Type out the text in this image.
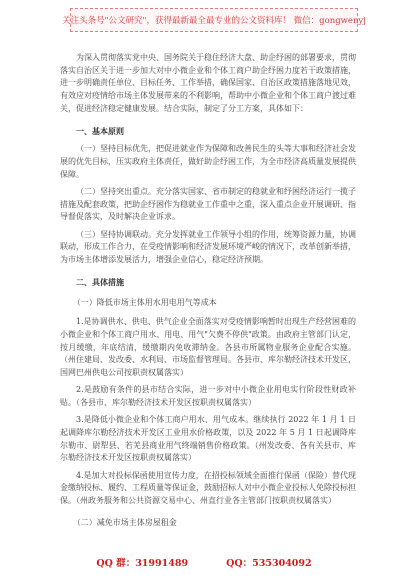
关注头条号"公文研究"，获得最新最全最专业的公文资料库！ 微信：gongwenyj

为深入贯彻落实党中央、国务院关于稳住经济大盘、助企纾困的部署要求，贯彻落实自治区关于进一步加大对中小微企业和个体工商户助企纾困力度若干政策措施，进一步明确责任单位、目标任务、工作举措，确保国家、自治区政策措施落地见效，有效应对疫情给市场主体发展带来的不利影响，帮助中小微企业和个体工商户渡过难关，促进经济稳定健康发展。结合实际，制定了分工方案，具体如下：

一、基本原则

（一）坚持目标优先，把促进就业作为保障和改善民生的头等大事和经济社会发展的优先目标，压实政府主体责任，做好助企纾困工作，为全市经济高质量发展提供保障。

（二）坚持突出重点。充分落实国家、省市制定的稳就业和纾困经济运行一揽子措施及配套政策，把助企纾困作为稳就业工作重中之重，深入重点企业开展调研、指导督促落实，及时解决企业诉求。

（三）坚持协调联动。充分发挥就业工作领导小组的作用，统筹资源力量，协调联动，形成工作合力，在受疫情影响和经济发展环境严峻的情况下，改革创新举措，为市场主体增添发展活力，增强企业信心，稳定经济预期。

二、具体措施

（一）降低市场主体用水用电用气等成本

1.是协调供水、供电、供气企业全面落实对受疫情影响暂时出现生产经营困难的小微企业和个体工商户用水、用电、用气"欠费不停供"政策。由政府主管部门认定，按月缓缴，年底结清，缓缴期内免收滞纳金。各县市所属物业服务企业配合实施。（州住建局、发改委、水利局、市场监督管理局。各县市、库尔勒经济技术开发区，国网巴州供电公司按职责权属落实）

2.是鼓励有条件的县市结合实际，进一步对中小微企业用电实行阶段性财政补贴。（各县市、库尔勒经济技术开发区按职责权属落实）

3.是降低小微企业和个体工商户用水、用气成本。继续执行 2022 年 1 月 1 日起调降库尔勒经济技术开发区工业用水价格政策，以及 2022 年 5 月 1 日起调降库尔勒市、尉犁县、若羌县商业用气终端销售价格政策。（州发改委、各有关县市、库尔勒经济技术开发区按职责权属落实）

4.是加大对投标保函使用宣传力度，在招投标领域全面推行保函（保险）替代现金缴纳投标、履约、工程质量等保证金，鼓励招标人对中小微企业投标人免除投标担保。（州政务服务和公共资源交易中心、州直行业各主管部门按职责权属落实）

（二）减免市场主体房屋租金

QQ 群：31991489	QQ：535304092
